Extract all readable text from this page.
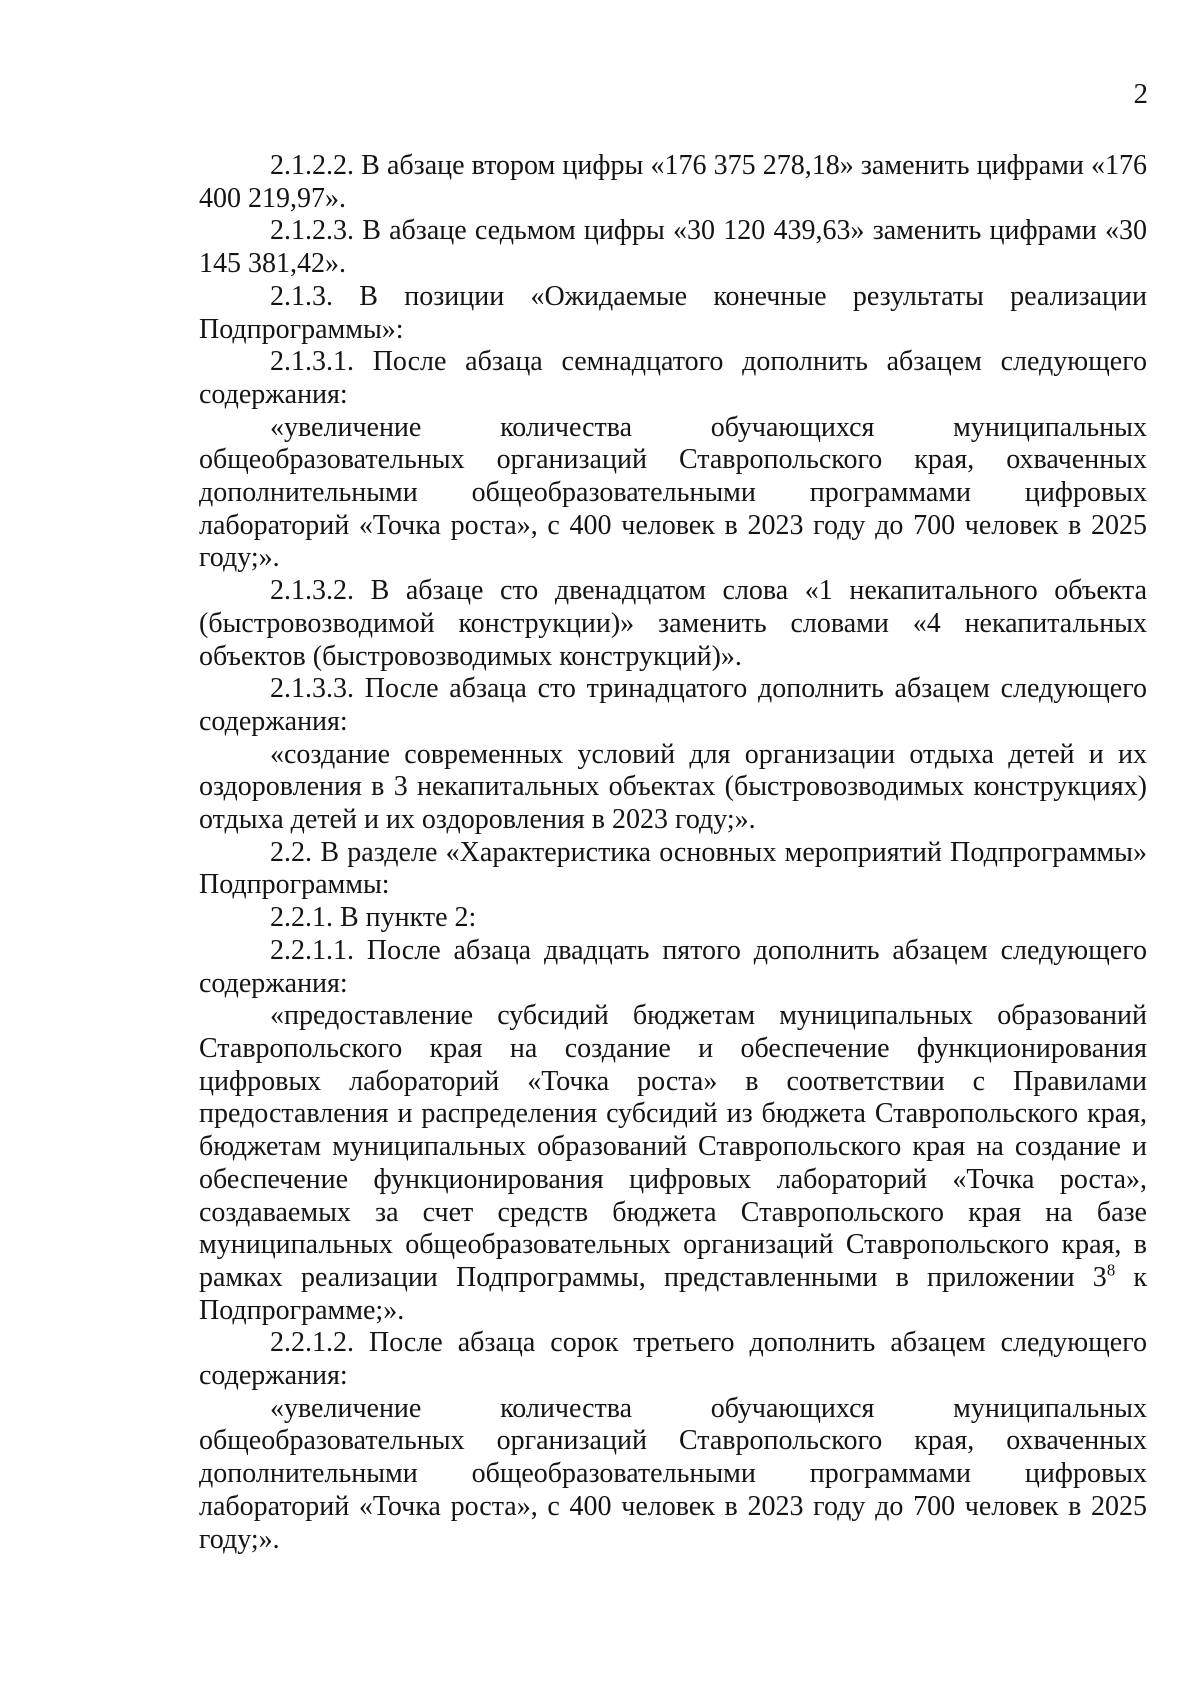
2

2.1.2.2. В абзаце втором цифры «176 375 278,18» заменить цифрами «176 400 219,97».

2.1.2.3. В абзаце седьмом цифры «30 120 439,63» заменить цифрами «30 145 381,42».

2.1.3. В позиции «Ожидаемые конечные результаты реализации Подпрограммы»:

2.1.3.1. После абзаца семнадцатого дополнить абзацем следующего содержания:

«увеличение количества обучающихся муниципальных общеобразовательных организаций Ставропольского края, охваченных дополнительными общеобразовательными программами цифровых лабораторий «Точка роста», с 400 человек в 2023 году до 700 человек в 2025 году;».

2.1.3.2. В абзаце сто двенадцатом слова «1 некапитального объекта (быстровозводимой конструкции)» заменить словами «4 некапитальных объектов (быстровозводимых конструкций)».

2.1.3.3. После абзаца сто тринадцатого дополнить абзацем следующего содержания:

«создание современных условий для организации отдыха детей и их оздоровления в 3 некапитальных объектах (быстровозводимых конструкциях) отдыха детей и их оздоровления в 2023 году;».

2.2. В разделе «Характеристика основных мероприятий Подпрограммы» Подпрограммы:

2.2.1. В пункте 2:

2.2.1.1. После абзаца двадцать пятого дополнить абзацем следующего содержания:

«предоставление субсидий бюджетам муниципальных образований Ставропольского края на создание и обеспечение функционирования цифровых лабораторий «Точка роста» в соответствии с Правилами предоставления и распределения субсидий из бюджета Ставропольского края, бюджетам муниципальных образований Ставропольского края на создание и обеспечение функционирования цифровых лабораторий «Точка роста», создаваемых за счет средств бюджета Ставропольского края на базе муниципальных общеобразовательных организаций Ставропольского края, в рамках реализации Подпрограммы, представленными в приложении $3^8$ к Подпрограмме;».

2.2.1.2. После абзаца сорок третьего дополнить абзацем следующего содержания:

«увеличение количества обучающихся муниципальных общеобразовательных организаций Ставропольского края, охваченных дополнительными общеобразовательными программами цифровых лабораторий «Точка роста», с 400 человек в 2023 году до 700 человек в 2025 году;».
